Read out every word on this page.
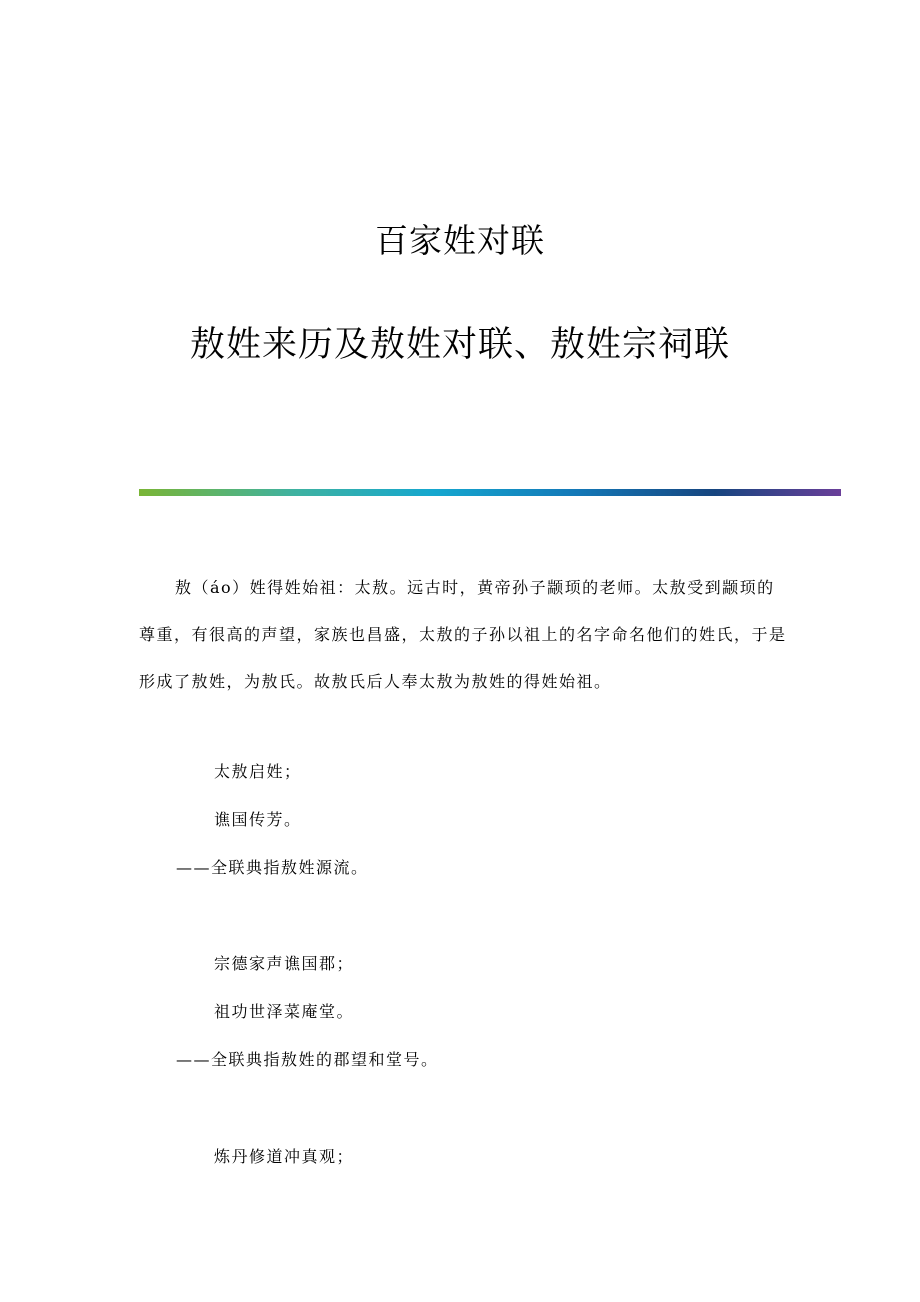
百家姓对联
敖姓来历及敖姓对联、敖姓宗祠联
敖（áo）姓得姓始祖：太敖。远古时，黄帝孙子颛顼的老师。太敖受到颛顼的尊重，有很高的声望，家族也昌盛，太敖的子孙以祖上的名字命名他们的姓氏，于是形成了敖姓，为敖氏。故敖氏后人奉太敖为敖姓的得姓始祖。
太敖启姓；
谯国传芳。
——全联典指敖姓源流。
宗德家声谯国郡；
祖功世泽菜庵堂。
——全联典指敖姓的郡望和堂号。
炼丹修道冲真观；
